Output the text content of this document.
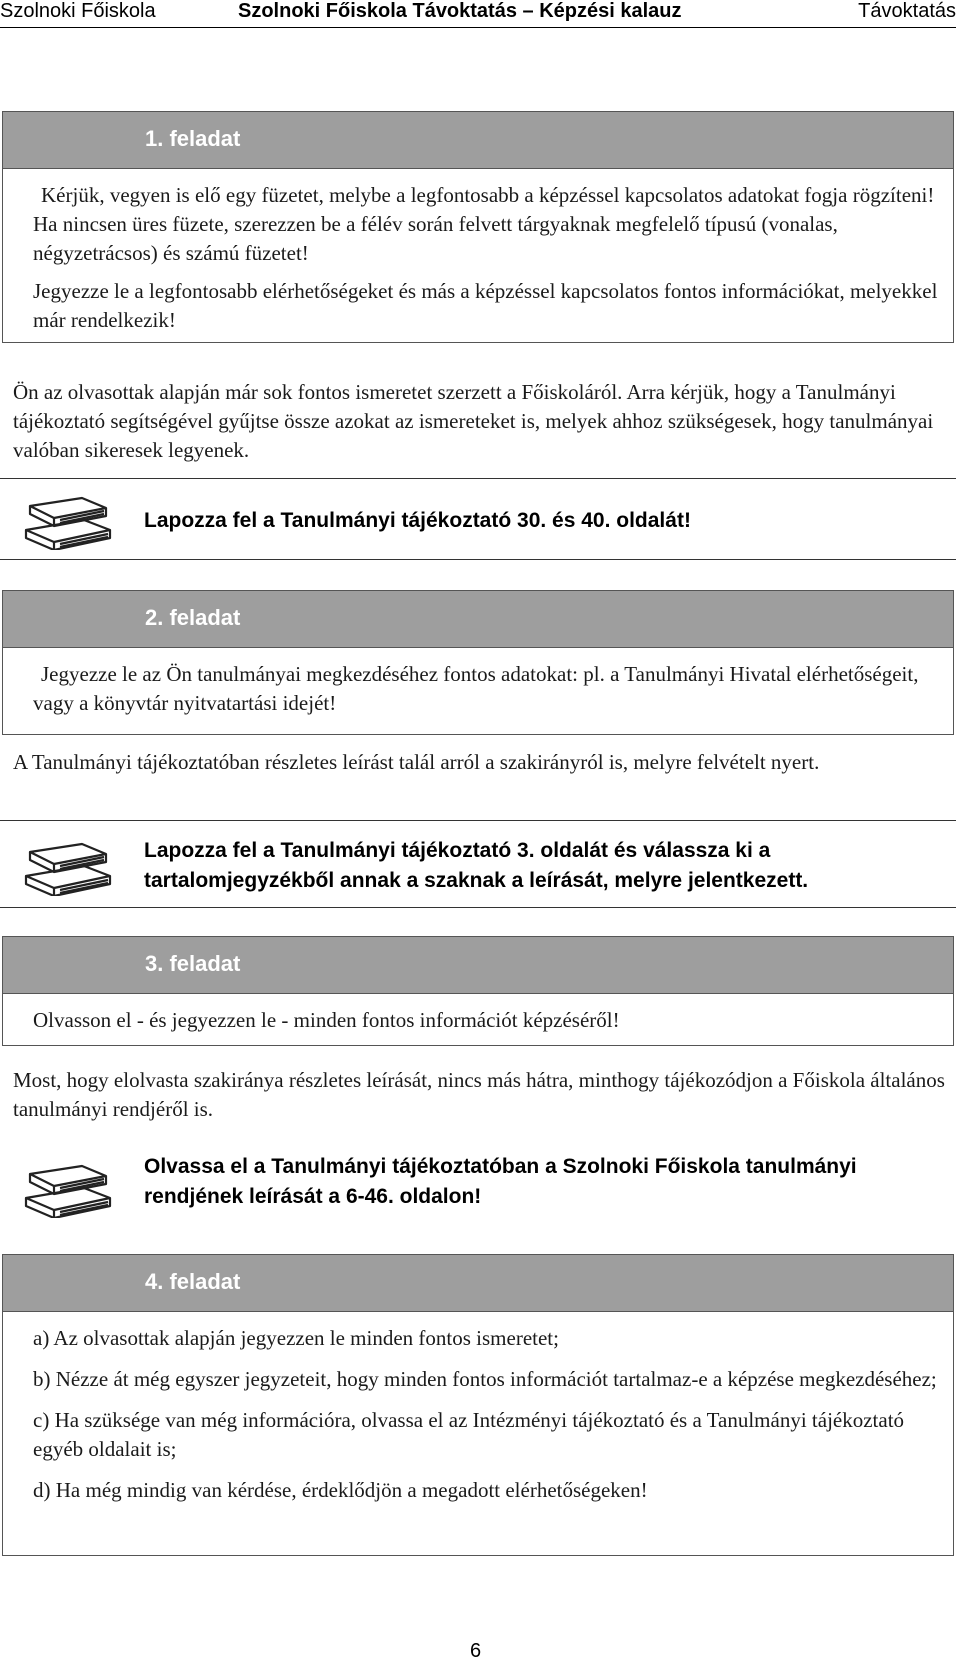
Szolnoki Főiskola	Szolnoki Főiskola Távoktatás – Képzési kalauz	Távoktatás
1. feladat

Kérjük, vegyen is elő egy füzetet, melybe a legfontosabb a képzéssel kapcsolatos adatokat fogja rögzíteni! Ha nincsen üres füzete, szerezzen be a félév során felvett tárgyaknak megfelelő típusú (vonalas, négyzetrácsos) és számú füzetet!

Jegyezze le a legfontosabb elérhetőségeket és más a képzéssel kapcsolatos fontos információkat, melyekkel már rendelkezik!

Ön az olvasottak alapján már sok fontos ismeretet szerzett a Főiskoláról. Arra kérjük, hogy a Tanulmányi tájékoztató segítségével gyűjtse össze azokat az ismereteket is, melyek ahhoz szükségesek, hogy tanulmányai valóban sikeresek legyenek.

Lapozza fel a Tanulmányi tájékoztató 30. és 40. oldalát!

2. feladat

Jegyezze le az Ön tanulmányai megkezdéséhez fontos adatokat: pl. a Tanulmányi Hivatal elérhetőségeit, vagy a könyvtár nyitvatartási idejét!

A Tanulmányi tájékoztatóban részletes leírást talál arról a szakirányról is, melyre felvételt nyert.

Lapozza fel a Tanulmányi tájékoztató 3. oldalát és válassza ki a tartalomjegyzékből annak a szaknak a leírását, melyre jelentkezett.

3. feladat

Olvasson el - és jegyezzen le - minden fontos információt képzéséről!

Most, hogy elolvasta szakiránya részletes leírását, nincs más hátra, minthogy tájékozódjon a Főiskola általános tanulmányi rendjéről is.

Olvassa el a Tanulmányi tájékoztatóban a Szolnoki Főiskola tanulmányi rendjének leírását a 6-46. oldalon!

4. feladat

a) Az olvasottak alapján jegyezzen le minden fontos ismeretet;

b) Nézze át még egyszer jegyzeteit, hogy minden fontos információt tartalmaz-e a képzése megkezdéséhez;

c) Ha szüksége van még információra, olvassa el az Intézményi tájékoztató és a Tanulmányi tájékoztató egyéb oldalait is;

d) Ha még mindig van kérdése, érdeklődjön a megadott elérhetőségeken!

6
